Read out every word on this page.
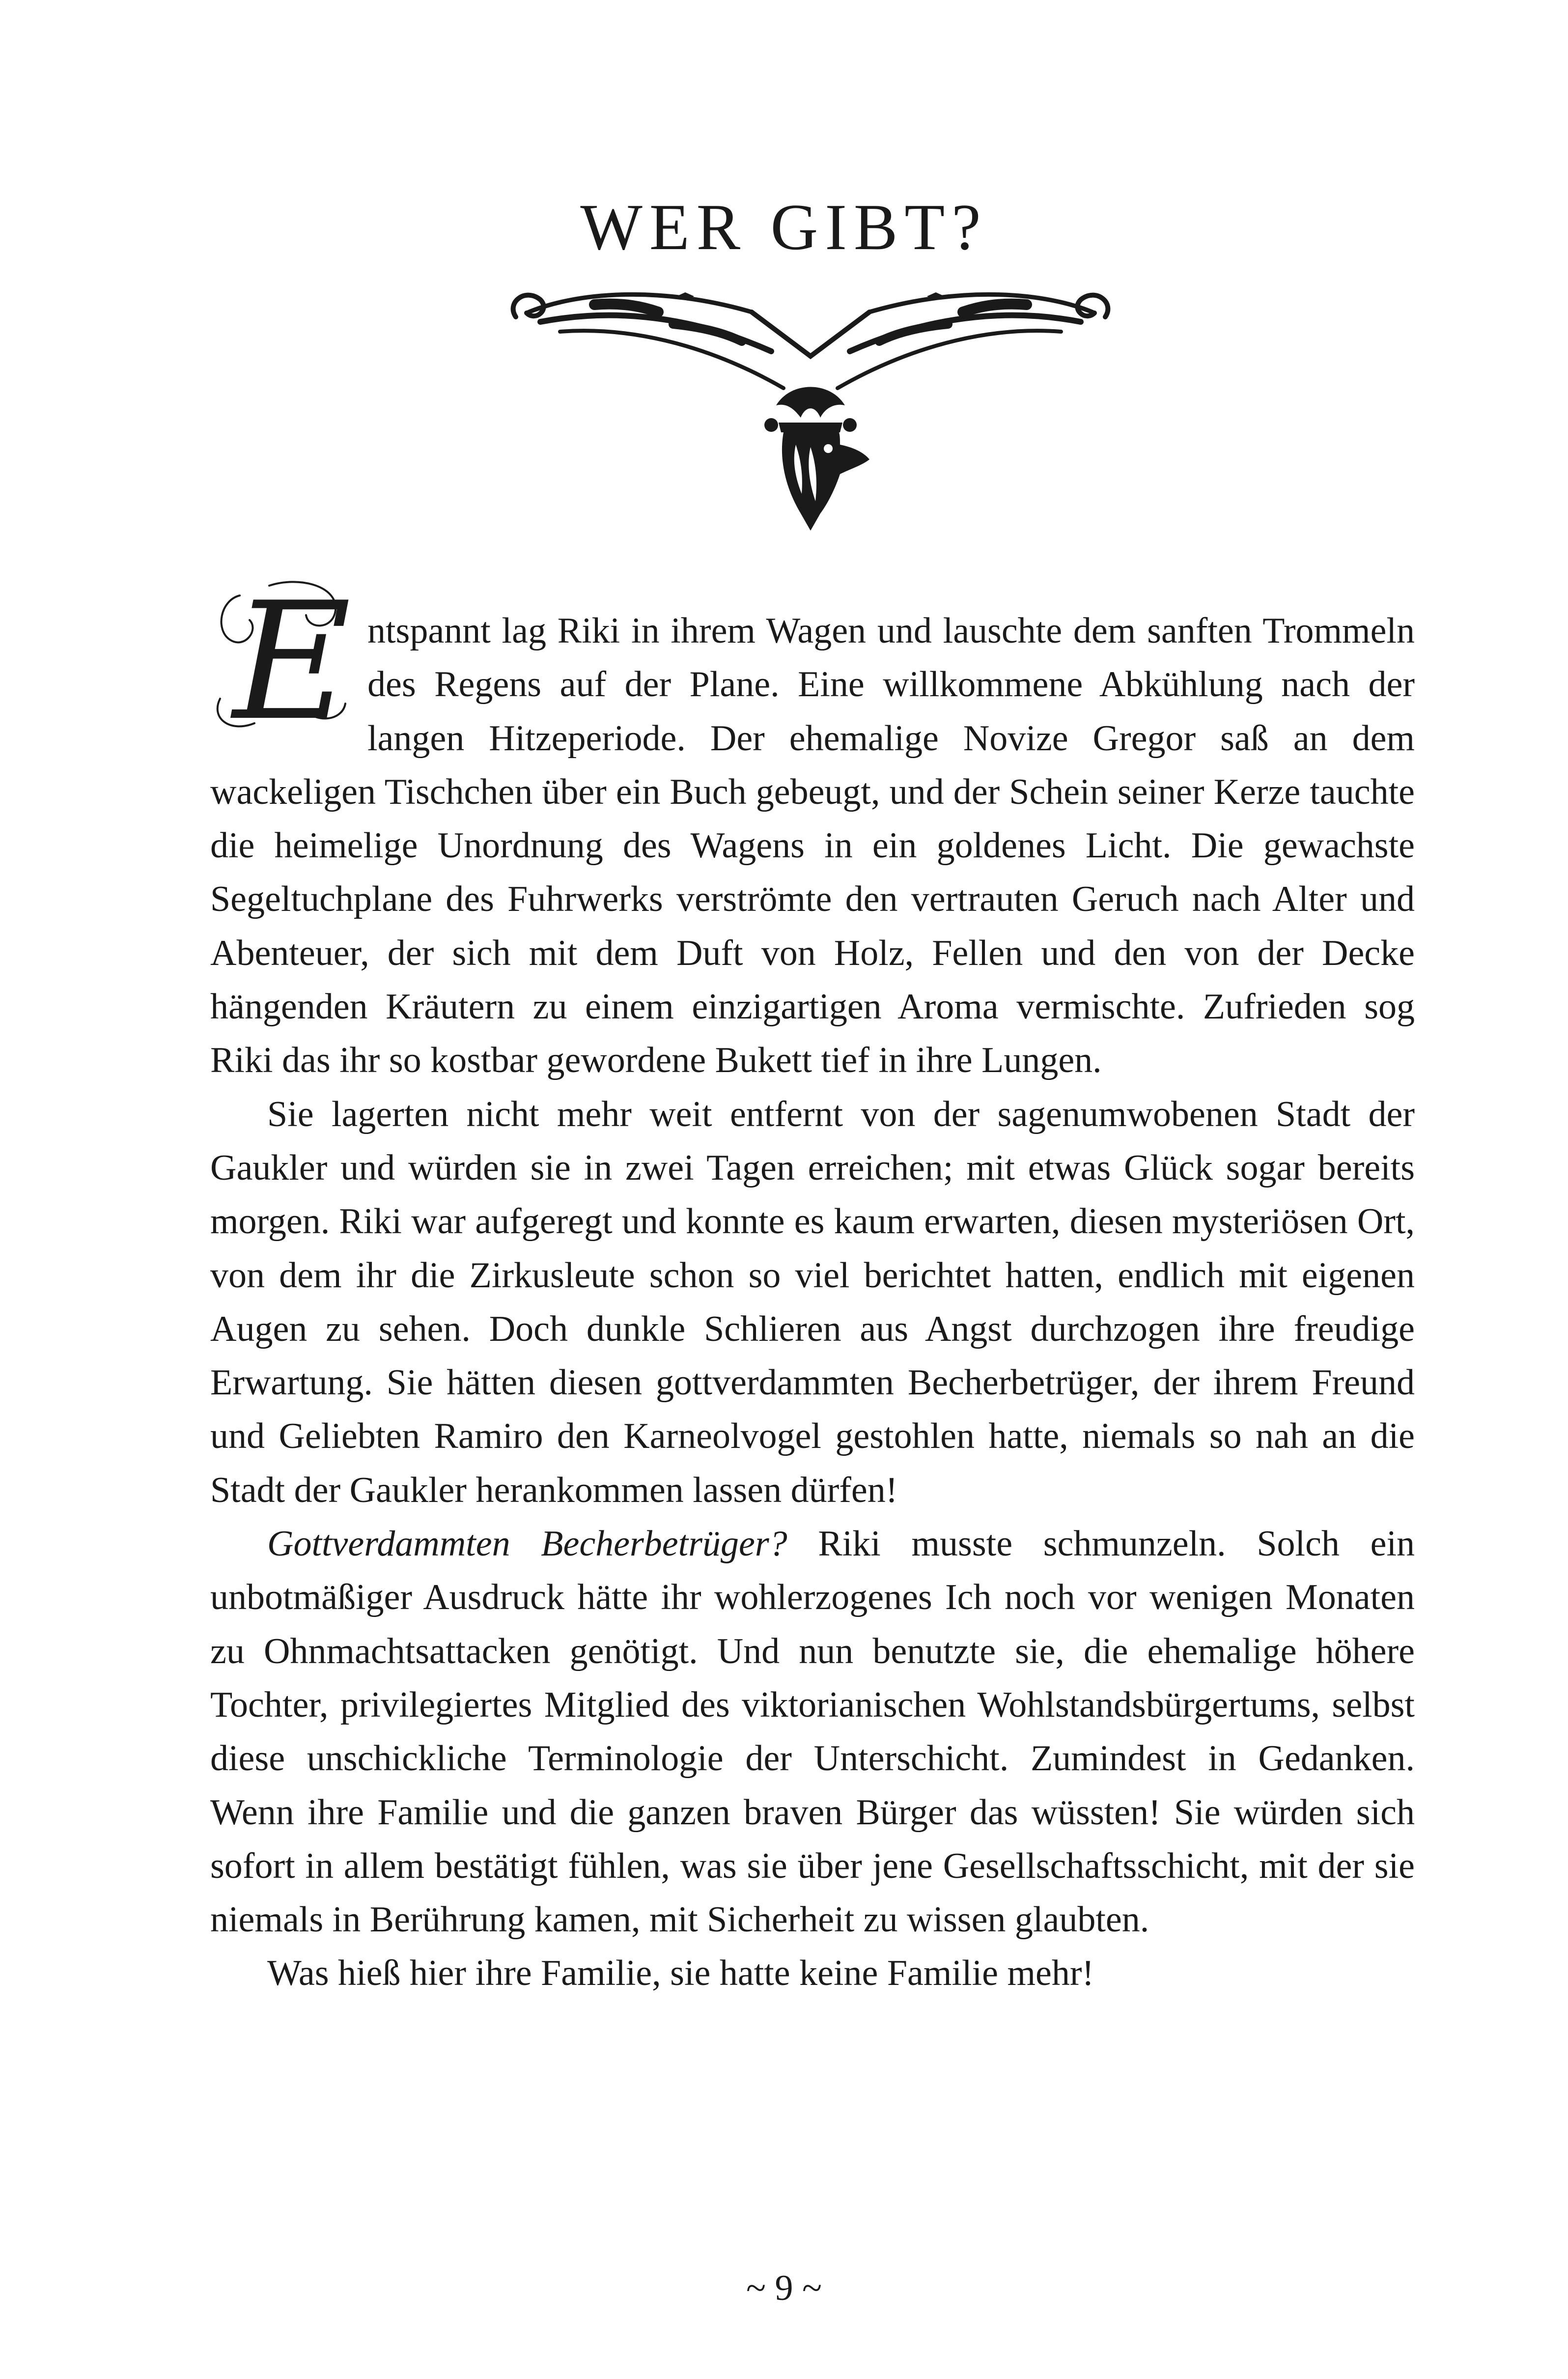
WER GIBT?

E ntspannt lag Riki in ihrem Wagen und lauschte dem sanften Trommeln des Regens auf der Plane. Eine willkommene Abkühlung nach der langen Hitzeperiode. Der ehemalige Novize Gregor saß an dem wackeligen Tischchen über ein Buch gebeugt, und der Schein seiner Kerze tauchte die heimelige Unordnung des Wagens in ein goldenes Licht. Die gewachste Segeltuchplane des Fuhrwerks verströmte den vertrauten Geruch nach Alter und Abenteuer, der sich mit dem Duft von Holz, Fellen und den von der Decke hängenden Kräutern zu einem einzigartigen Aroma vermischte. Zufrieden sog Riki das ihr so kostbar gewordene Bukett tief in ihre Lungen.

Sie lagerten nicht mehr weit entfernt von der sagenumwobenen Stadt der Gaukler und würden sie in zwei Tagen erreichen; mit etwas Glück sogar bereits morgen. Riki war aufgeregt und konnte es kaum erwarten, diesen mysteriösen Ort, von dem ihr die Zirkusleute schon so viel berichtet hatten, endlich mit eigenen Augen zu sehen. Doch dunkle Schlieren aus Angst durchzogen ihre freudige Erwartung. Sie hätten diesen gottverdammten Becherbetrüger, der ihrem Freund und Geliebten Ramiro den Karneolvogel gestohlen hatte, niemals so nah an die Stadt der Gaukler herankommen lassen dürfen!

Gottverdammten Becherbetrüger? Riki musste schmunzeln. Solch ein unbotmäßiger Ausdruck hätte ihr wohlerzogenes Ich noch vor wenigen Monaten zu Ohnmachtsattacken genötigt. Und nun benutzte sie, die ehemalige höhere Tochter, privilegiertes Mitglied des viktorianischen Wohlstandsbürgertums, selbst diese unschickliche Terminologie der Unterschicht. Zumindest in Gedanken. Wenn ihre Familie und die ganzen braven Bürger das wüssten! Sie würden sich sofort in allem bestätigt fühlen, was sie über jene Gesellschaftsschicht, mit der sie niemals in Berührung kamen, mit Sicherheit zu wissen glaubten.

Was hieß hier ihre Familie, sie hatte keine Familie mehr!

~ 9 ~
